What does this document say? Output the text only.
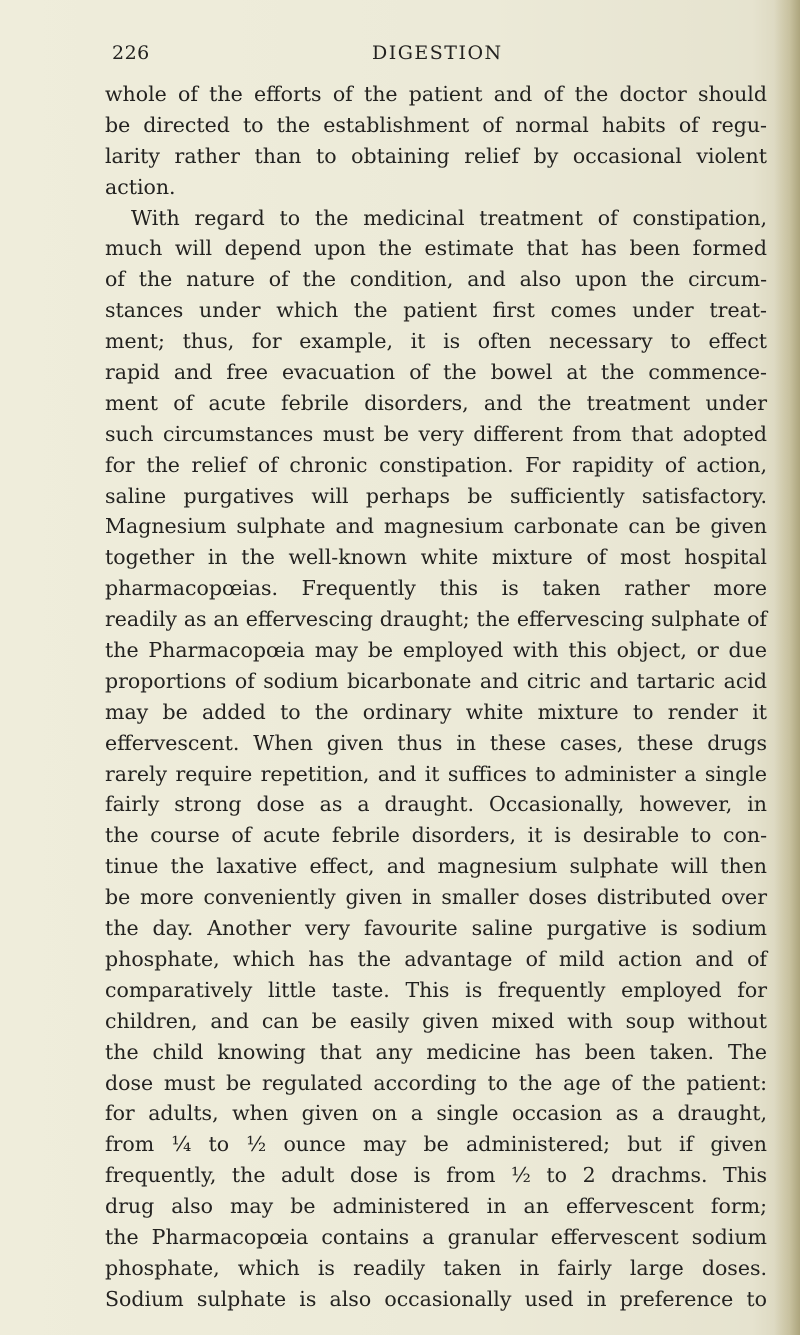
226	DIGESTION
whole of the efforts of the patient and of the doctor should
be directed to the establishment of normal habits of regu-
larity rather than to obtaining relief by occasional violent
action.
With regard to the medicinal treatment of constipation,
much will depend upon the estimate that has been formed
of the nature of the condition, and also upon the circum-
stances under which the patient first comes under treat-
ment; thus, for example, it is often necessary to effect
rapid and free evacuation of the bowel at the commence-
ment of acute febrile disorders, and the treatment under
such circumstances must be very different from that adopted
for the relief of chronic constipation. For rapidity of action,
saline purgatives will perhaps be sufficiently satisfactory.
Magnesium sulphate and magnesium carbonate can be given
together in the well-known white mixture of most hospital
pharmacopœias. Frequently this is taken rather more
readily as an effervescing draught; the effervescing sulphate of
the Pharmacopœia may be employed with this object, or due
proportions of sodium bicarbonate and citric and tartaric acid
may be added to the ordinary white mixture to render it
effervescent. When given thus in these cases, these drugs
rarely require repetition, and it suffices to administer a single
fairly strong dose as a draught. Occasionally, however, in
the course of acute febrile disorders, it is desirable to con-
tinue the laxative effect, and magnesium sulphate will then
be more conveniently given in smaller doses distributed over
the day. Another very favourite saline purgative is sodium
phosphate, which has the advantage of mild action and of
comparatively little taste. This is frequently employed for
children, and can be easily given mixed with soup without
the child knowing that any medicine has been taken. The
dose must be regulated according to the age of the patient:
for adults, when given on a single occasion as a draught,
from ¼ to ½ ounce may be administered; but if given
frequently, the adult dose is from ½ to 2 drachms. This
drug also may be administered in an effervescent form;
the Pharmacopœia contains a granular effervescent sodium
phosphate, which is readily taken in fairly large doses.
Sodium sulphate is also occasionally used in preference to
